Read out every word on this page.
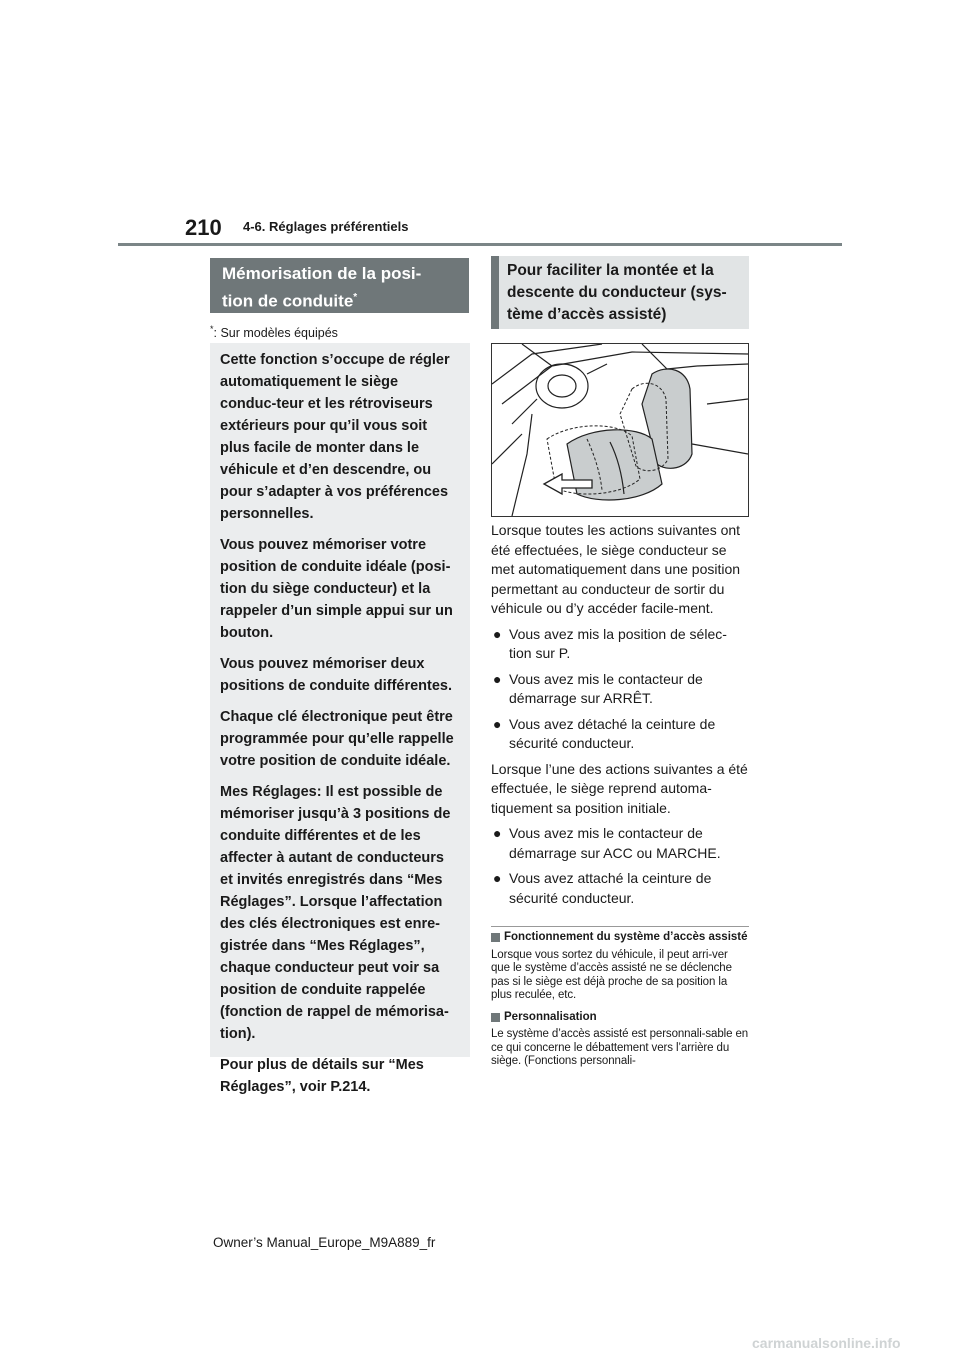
210 4-6. Réglages préférentiels
Mémorisation de la posi-
tion de conduite*
*: Sur modèles équipés

Cette fonction s’occupe de régler automatiquement le siège conduc-teur et les rétroviseurs extérieurs pour qu’il vous soit plus facile de monter dans le véhicule et d’en descendre, ou pour s’adapter à vos préférences personnelles.

Vous pouvez mémoriser votre position de conduite idéale (posi-tion du siège conducteur) et la rappeler d’un simple appui sur un bouton.

Vous pouvez mémoriser deux positions de conduite différentes.

Chaque clé électronique peut être programmée pour qu’elle rappelle votre position de conduite idéale.

Mes Réglages: Il est possible de mémoriser jusqu’à 3 positions de conduite différentes et de les affecter à autant de conducteurs et invités enregistrés dans “Mes Réglages”. Lorsque l’affectation des clés électroniques est enre-gistrée dans “Mes Réglages”, chaque conducteur peut voir sa position de conduite rappelée (fonction de rappel de mémorisa-tion).

Pour plus de détails sur “Mes Réglages”, voir P.214.

Pour faciliter la montée et la descente du conducteur (sys-tème d’accès assisté)

Lorsque toutes les actions suivantes ont été effectuées, le siège conducteur se met automatiquement dans une position permettant au conducteur de sortir du véhicule ou d’y accéder facile-ment.

● Vous avez mis la position de sélec-tion sur P.
● Vous avez mis le contacteur de démarrage sur ARRÊT.
● Vous avez détaché la ceinture de sécurité conducteur.

Lorsque l’une des actions suivantes a été effectuée, le siège reprend automa-tiquement sa position initiale.

● Vous avez mis le contacteur de démarrage sur ACC ou MARCHE.
● Vous avez attaché la ceinture de sécurité conducteur.
Fonctionnement du système d’accès assisté
Lorsque vous sortez du véhicule, il peut arri-ver que le système d’accès assisté ne se déclenche pas si le siège est déjà proche de sa position la plus reculée, etc.
Personnalisation
Le système d’accès assisté est personnali-sable en ce qui concerne le débattement vers l’arrière du siège. (Fonctions personnali-
Owner’s Manual_Europe_M9A889_fr
carmanualsonline.info
